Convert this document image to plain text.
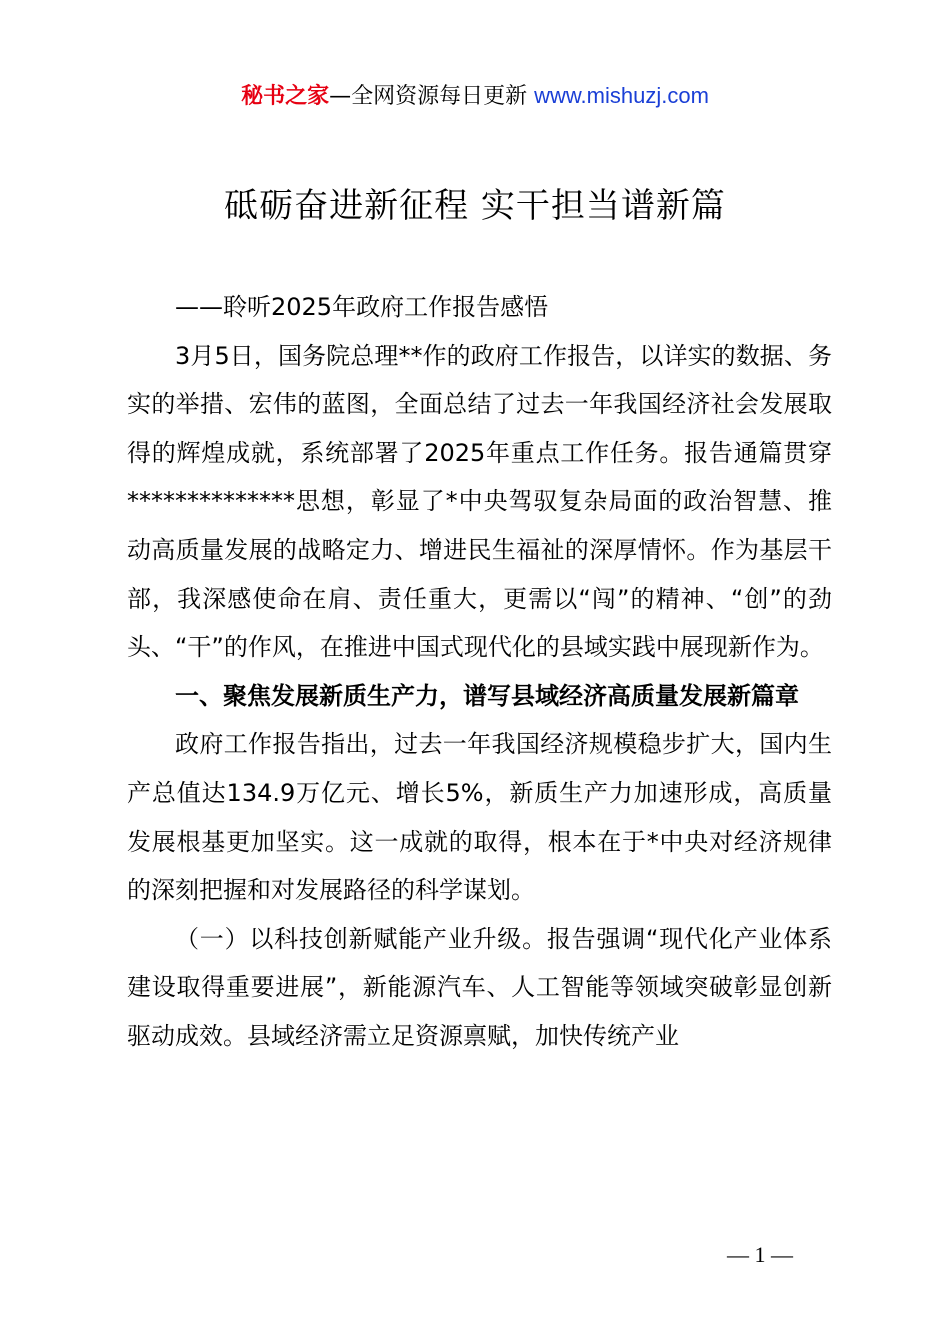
秘书之家—全网资源每日更新 www.mishuzj.com
砥砺奋进新征程 实干担当谱新篇

——聆听2025年政府工作报告感悟

3月5日，国务院总理**作的政府工作报告，以详实的数据、务实的举措、宏伟的蓝图，全面总结了过去一年我国经济社会发展取得的辉煌成就，系统部署了2025年重点工作任务。报告通篇贯穿**************思想，彰显了*中央驾驭复杂局面的政治智慧、推动高质量发展的战略定力、增进民生福祉的深厚情怀。作为基层干部，我深感使命在肩、责任重大，更需以“闯”的精神、“创”的劲头、“干”的作风，在推进中国式现代化的县域实践中展现新作为。

一、聚焦发展新质生产力，谱写县域经济高质量发展新篇章

政府工作报告指出，过去一年我国经济规模稳步扩大，国内生产总值达134.9万亿元、增长5%，新质生产力加速形成，高质量发展根基更加坚实。这一成就的取得，根本在于*中央对经济规律的深刻把握和对发展路径的科学谋划。

（一）以科技创新赋能产业升级。报告强调“现代化产业体系建设取得重要进展”，新能源汽车、人工智能等领域突破彰显创新驱动成效。县域经济需立足资源禀赋，加快传统产业

— 1 —
